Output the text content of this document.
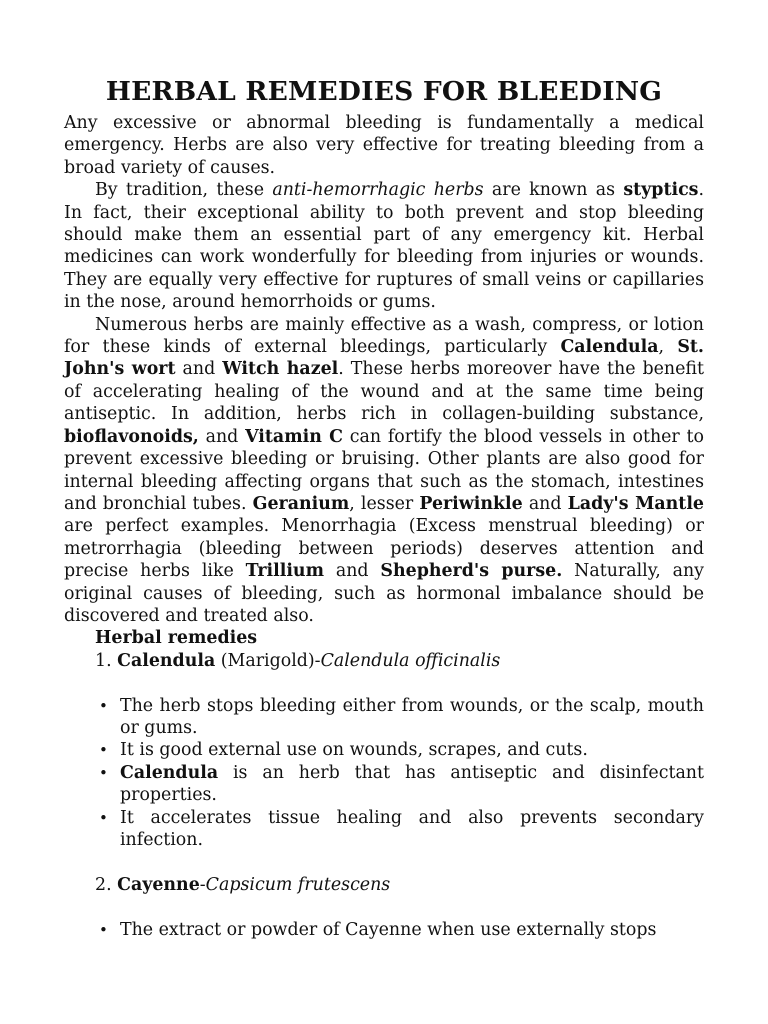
HERBAL REMEDIES FOR BLEEDING

Any excessive or abnormal bleeding is fundamentally a medical emergency. Herbs are also very effective for treating bleeding from a broad variety of causes.

By tradition, these anti-hemorrhagic herbs are known as styptics. In fact, their exceptional ability to both prevent and stop bleeding should make them an essential part of any emergency kit. Herbal medicines can work wonderfully for bleeding from injuries or wounds. They are equally very effective for ruptures of small veins or capillaries in the nose, around hemorrhoids or gums.

Numerous herbs are mainly effective as a wash, compress, or lotion for these kinds of external bleedings, particularly Calendula, St. John's wort and Witch hazel. These herbs moreover have the benefit of accelerating healing of the wound and at the same time being antiseptic. In addition, herbs rich in collagen-building substance, bioflavonoids, and Vitamin C can fortify the blood vessels in other to prevent excessive bleeding or bruising. Other plants are also good for internal bleeding affecting organs that such as the stomach, intestines and bronchial tubes. Geranium, lesser Periwinkle and Lady's Mantle are perfect examples. Menorrhagia (Excess menstrual bleeding) or metrorrhagia (bleeding between periods) deserves attention and precise herbs like Trillium and Shepherd's purse. Naturally, any original causes of bleeding, such as hormonal imbalance should be discovered and treated also.

Herbal remedies
1. Calendula (Marigold)-Calendula officinalis
• The herb stops bleeding either from wounds, or the scalp, mouth or gums.
• It is good external use on wounds, scrapes, and cuts.
• Calendula is an herb that has antiseptic and disinfectant properties.
• It accelerates tissue healing and also prevents secondary infection.
2. Cayenne-Capsicum frutescens
• The extract or powder of Cayenne when use externally stops
